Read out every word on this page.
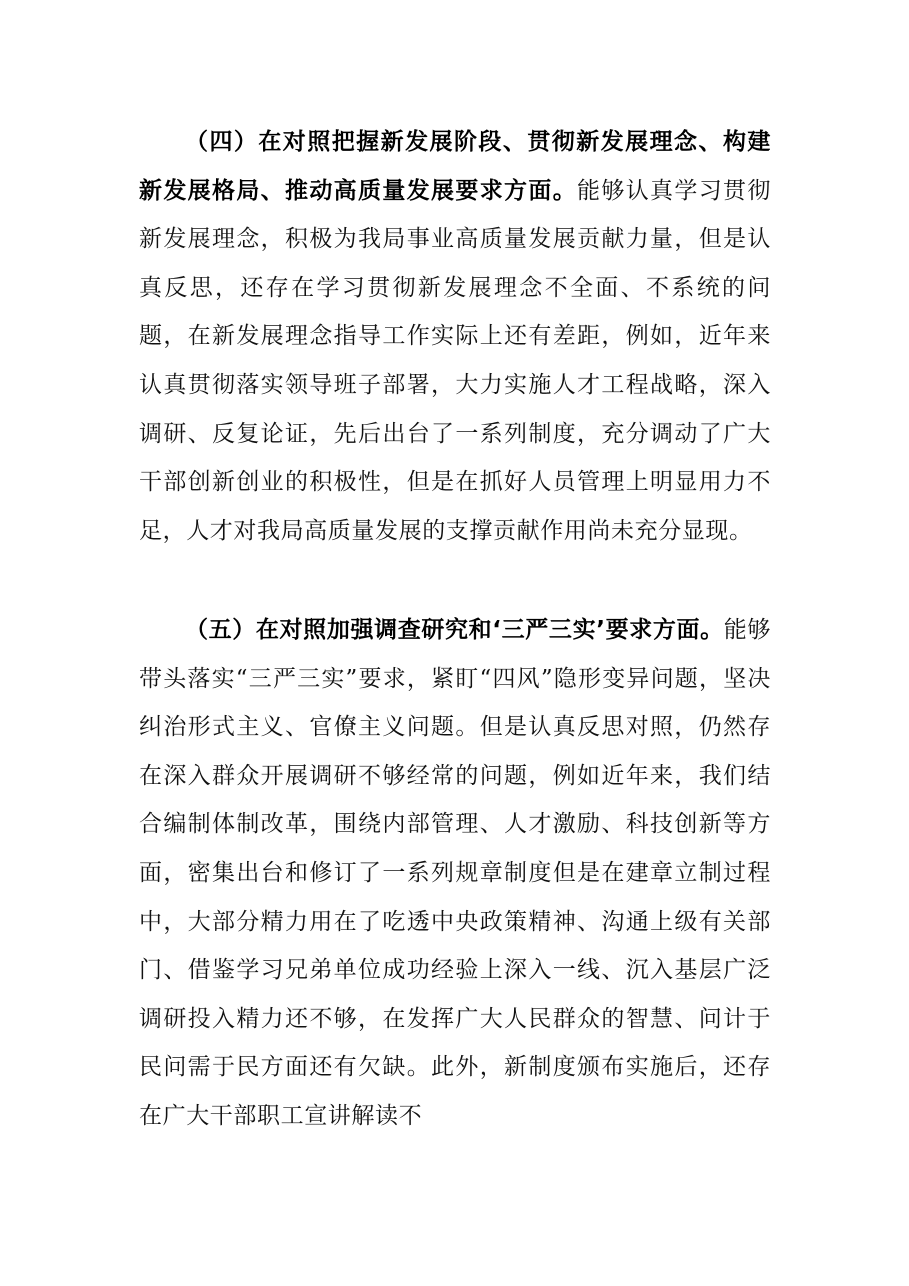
（四）在对照把握新发展阶段、贯彻新发展理念、构建新发展格局、推动高质量发展要求方面。能够认真学习贯彻新发展理念，积极为我局事业高质量发展贡献力量，但是认真反思，还存在学习贯彻新发展理念不全面、不系统的问题，在新发展理念指导工作实际上还有差距，例如，近年来认真贯彻落实领导班子部署，大力实施人才工程战略，深入调研、反复论证，先后出台了一系列制度，充分调动了广大干部创新创业的积极性，但是在抓好人员管理上明显用力不足，人才对我局高质量发展的支撑贡献作用尚未充分显现。

（五）在对照加强调查研究和‘三严三实’要求方面。能够带头落实“三严三实”要求，紧盯“四风”隐形变异问题，坚决纠治形式主义、官僚主义问题。但是认真反思对照，仍然存在深入群众开展调研不够经常的问题，例如近年来，我们结合编制体制改革，围绕内部管理、人才激励、科技创新等方面，密集出台和修订了一系列规章制度但是在建章立制过程中，大部分精力用在了吃透中央政策精神、沟通上级有关部门、借鉴学习兄弟单位成功经验上深入一线、沉入基层广泛调研投入精力还不够，在发挥广大人民群众的智慧、问计于民问需于民方面还有欠缺。此外，新制度颁布实施后，还存在广大干部职工宣讲解读不
